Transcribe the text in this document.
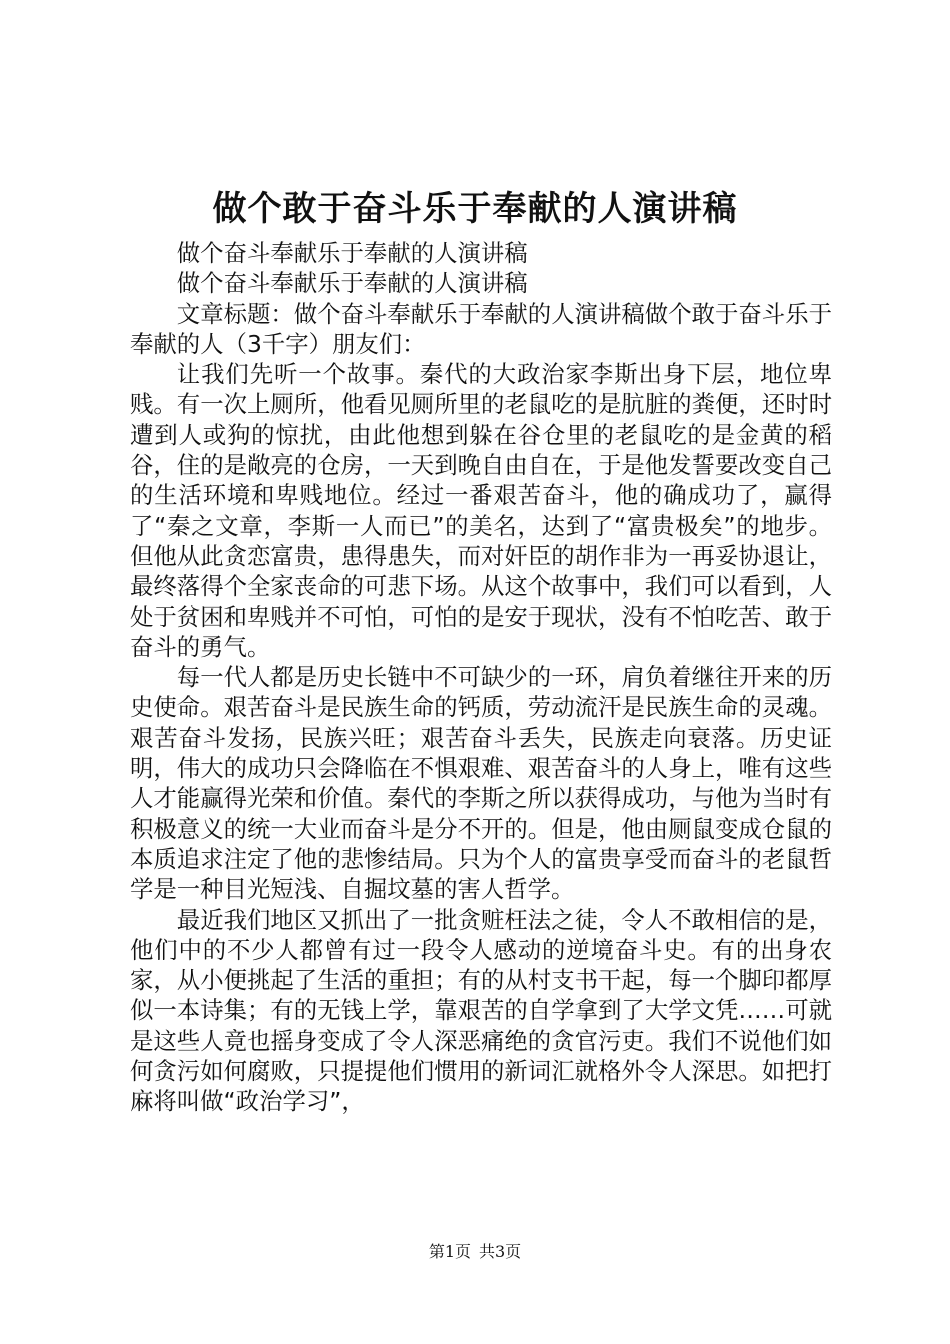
做个敢于奋斗乐于奉献的人演讲稿

做个奋斗奉献乐于奉献的人演讲稿

做个奋斗奉献乐于奉献的人演讲稿

文章标题：做个奋斗奉献乐于奉献的人演讲稿做个敢于奋斗乐于奉献的人（3千字）朋友们：

让我们先听一个故事。秦代的大政治家李斯出身下层，地位卑贱。有一次上厕所，他看见厕所里的老鼠吃的是肮脏的粪便，还时时遭到人或狗的惊扰，由此他想到躲在谷仓里的老鼠吃的是金黄的稻谷，住的是敞亮的仓房，一天到晚自由自在，于是他发誓要改变自己的生活环境和卑贱地位。经过一番艰苦奋斗，他的确成功了，赢得了“秦之文章，李斯一人而已”的美名，达到了“富贵极矣”的地步。但他从此贪恋富贵，患得患失，而对奸臣的胡作非为一再妥协退让，最终落得个全家丧命的可悲下场。从这个故事中，我们可以看到，人处于贫困和卑贱并不可怕，可怕的是安于现状，没有不怕吃苦、敢于奋斗的勇气。

每一代人都是历史长链中不可缺少的一环，肩负着继往开来的历史使命。艰苦奋斗是民族生命的钙质，劳动流汗是民族生命的灵魂。艰苦奋斗发扬，民族兴旺；艰苦奋斗丢失，民族走向衰落。历史证明，伟大的成功只会降临在不惧艰难、艰苦奋斗的人身上，唯有这些人才能赢得光荣和价值。秦代的李斯之所以获得成功，与他为当时有积极意义的统一大业而奋斗是分不开的。但是，他由厕鼠变成仓鼠的本质追求注定了他的悲惨结局。只为个人的富贵享受而奋斗的老鼠哲学是一种目光短浅、自掘坟墓的害人哲学。

最近我们地区又抓出了一批贪赃枉法之徒，令人不敢相信的是，他们中的不少人都曾有过一段令人感动的逆境奋斗史。有的出身农家，从小便挑起了生活的重担；有的从村支书干起，每一个脚印都厚似一本诗集；有的无钱上学，靠艰苦的自学拿到了大学文凭……可就是这些人竟也摇身变成了令人深恶痛绝的贪官污吏。我们不说他们如何贪污如何腐败，只提提他们惯用的新词汇就格外令人深思。如把打麻将叫做“政治学习”，

第1页 共3页
